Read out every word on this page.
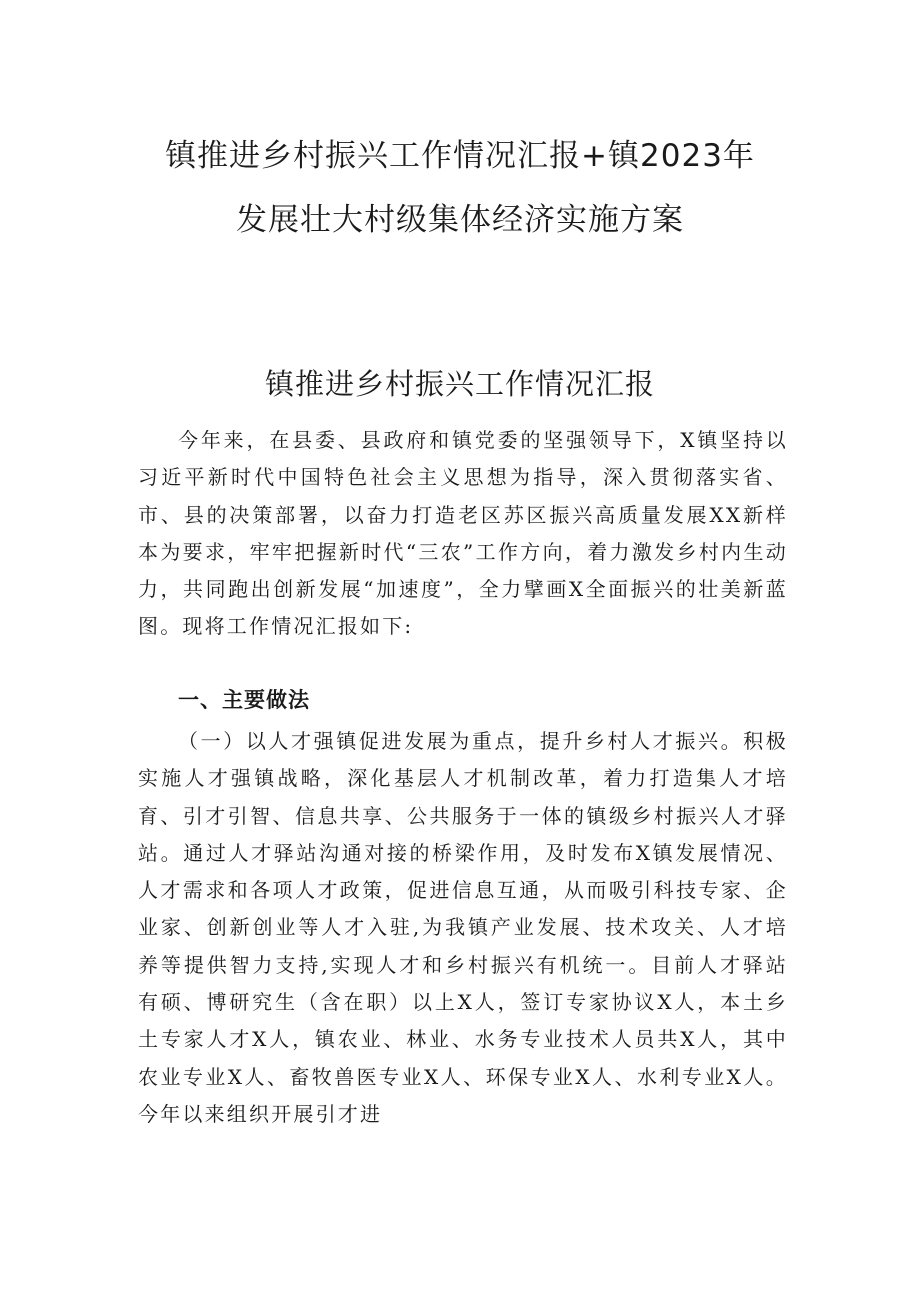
镇推进乡村振兴工作情况汇报+镇2023年
发展壮大村级集体经济实施方案
镇推进乡村振兴工作情况汇报

今年来，在县委、县政府和镇党委的坚强领导下，X镇坚持以习近平新时代中国特色社会主义思想为指导，深入贯彻落实省、市、县的决策部署，以奋力打造老区苏区振兴高质量发展XX新样本为要求，牢牢把握新时代“三农”工作方向，着力激发乡村内生动力，共同跑出创新发展“加速度”，全力擘画X全面振兴的壮美新蓝图。现将工作情况汇报如下:

一、主要做法

（一）以人才强镇促进发展为重点，提升乡村人才振兴。积极实施人才强镇战略，深化基层人才机制改革，着力打造集人才培育、引才引智、信息共享、公共服务于一体的镇级乡村振兴人才驿站。通过人才驿站沟通对接的桥梁作用，及时发布X镇发展情况、人才需求和各项人才政策，促进信息互通，从而吸引科技专家、企业家、创新创业等人才入驻,为我镇产业发展、技术攻关、人才培养等提供智力支持,实现人才和乡村振兴有机统一。目前人才驿站有硕、博研究生（含在职）以上X人，签订专家协议X人，本土乡土专家人才X人，镇农业、林业、水务专业技术人员共X人，其中农业专业X人、畜牧兽医专业X人、环保专业X人、水利专业X人。今年以来组织开展引才进
